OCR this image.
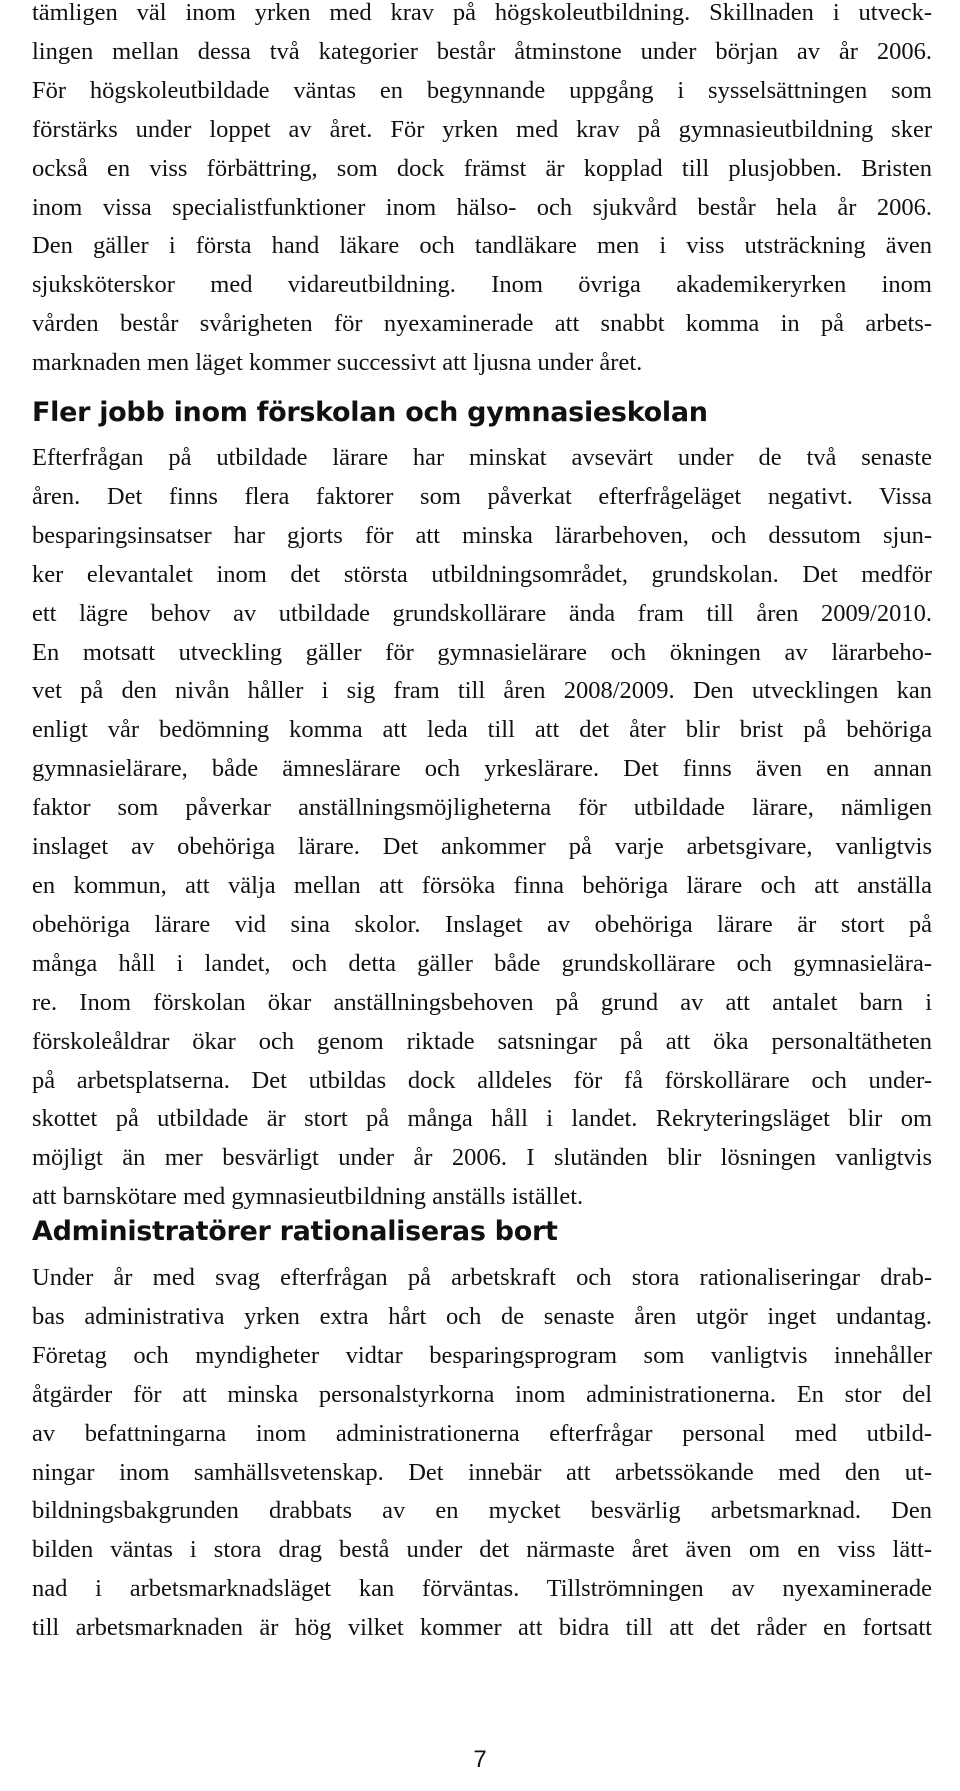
tämligen väl inom yrken med krav på högskoleutbildning. Skillnaden i utveck-
lingen mellan dessa två kategorier består åtminstone under början av år 2006.
För högskoleutbildade väntas en begynnande uppgång i sysselsättningen som
förstärks under loppet av året. För yrken med krav på gymnasieutbildning sker
också en viss förbättring, som dock främst är kopplad till plusjobben. Bristen
inom vissa specialistfunktioner inom hälso- och sjukvård består hela år 2006.
Den gäller i första hand läkare och tandläkare men i viss utsträckning även
sjuksköterskor med vidareutbildning. Inom övriga akademikeryrken inom
vården består svårigheten för nyexaminerade att snabbt komma in på arbets-
marknaden men läget kommer successivt att ljusna under året.
Fler jobb inom förskolan och gymnasieskolan
Efterfrågan på utbildade lärare har minskat avsevärt under de två senaste
åren. Det finns flera faktorer som påverkat efterfrågeläget negativt. Vissa
besparingsinsatser har gjorts för att minska lärarbehoven, och dessutom sjun-
ker elevantalet inom det största utbildningsområdet, grundskolan. Det medför
ett lägre behov av utbildade grundskollärare ända fram till åren 2009/2010.
En motsatt utveckling gäller för gymnasielärare och ökningen av lärarbeho-
vet på den nivån håller i sig fram till åren 2008/2009. Den utvecklingen kan
enligt vår bedömning komma att leda till att det åter blir brist på behöriga
gymnasielärare, både ämneslärare och yrkeslärare. Det finns även en annan
faktor som påverkar anställningsmöjligheterna för utbildade lärare, nämligen
inslaget av obehöriga lärare. Det ankommer på varje arbetsgivare, vanligtvis
en kommun, att välja mellan att försöka finna behöriga lärare och att anställa
obehöriga lärare vid sina skolor. Inslaget av obehöriga lärare är stort på
många håll i landet, och detta gäller både grundskollärare och gymnasielära-
re. Inom förskolan ökar anställningsbehoven på grund av att antalet barn i
förskoleåldrar ökar och genom riktade satsningar på att öka personaltätheten
på arbetsplatserna. Det utbildas dock alldeles för få förskollärare och under-
skottet på utbildade är stort på många håll i landet. Rekryteringsläget blir om
möjligt än mer besvärligt under år 2006. I slutänden blir lösningen vanligtvis
att barnskötare med gymnasieutbildning anställs istället.
Administratörer rationaliseras bort
Under år med svag efterfrågan på arbetskraft och stora rationaliseringar drab-
bas administrativa yrken extra hårt och de senaste åren utgör inget undantag.
Företag och myndigheter vidtar besparingsprogram som vanligtvis innehåller
åtgärder för att minska personalstyrkorna inom administrationerna. En stor del
av befattningarna inom administrationerna efterfrågar personal med utbild-
ningar inom samhällsvetenskap. Det innebär att arbetssökande med den ut-
bildningsbakgrunden drabbats av en mycket besvärlig arbetsmarknad. Den
bilden väntas i stora drag bestå under det närmaste året även om en viss lätt-
nad i arbetsmarknadsläget kan förväntas. Tillströmningen av nyexaminerade
till arbetsmarknaden är hög vilket kommer att bidra till att det råder en fortsatt
7
